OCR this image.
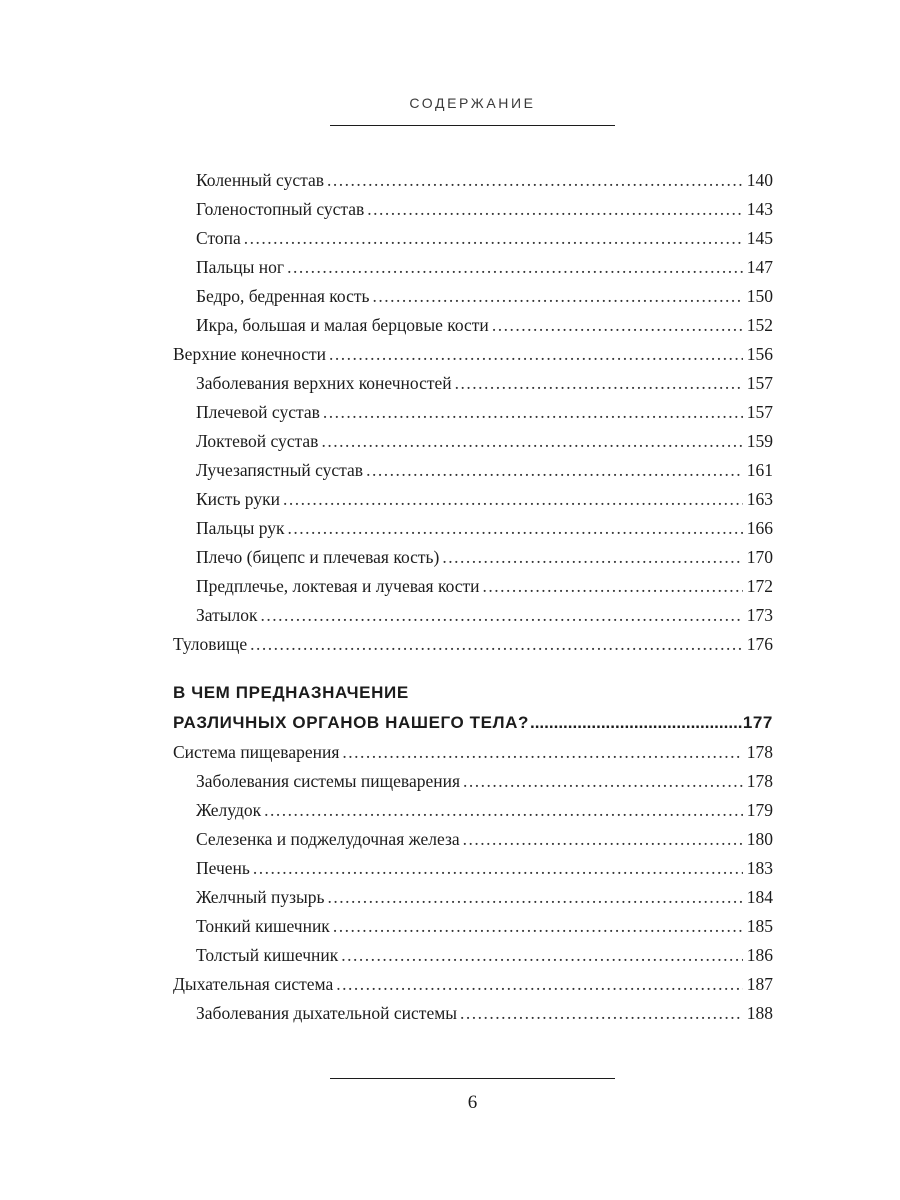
СОДЕРЖАНИЕ
Коленный сустав .....	140
Голеностопный сустав .....	143
Стопа .....	145
Пальцы ног .....	147
Бедро, бедренная кость .....	150
Икра, большая и малая берцовые кости .....	152
Верхние конечности .....	156
Заболевания верхних конечностей .....	157
Плечевой сустав .....	157
Локтевой сустав .....	159
Лучезапястный сустав .....	161
Кисть руки .....	163
Пальцы рук .....	166
Плечо (бицепс и плечевая кость) .....	170
Предплечье, локтевая и лучевая кости .....	172
Затылок .....	173
Туловище .....	176
В ЧЕМ ПРЕДНАЗНАЧЕНИЕ
РАЗЛИЧНЫХ ОРГАНОВ НАШЕГО ТЕЛА? .....	177
Система пищеварения .....	178
Заболевания системы пищеварения .....	178
Желудок .....	179
Селезенка и поджелудочная железа .....	180
Печень .....	183
Желчный пузырь .....	184
Тонкий кишечник .....	185
Толстый кишечник .....	186
Дыхательная система .....	187
Заболевания дыхательной системы .....	188
6
